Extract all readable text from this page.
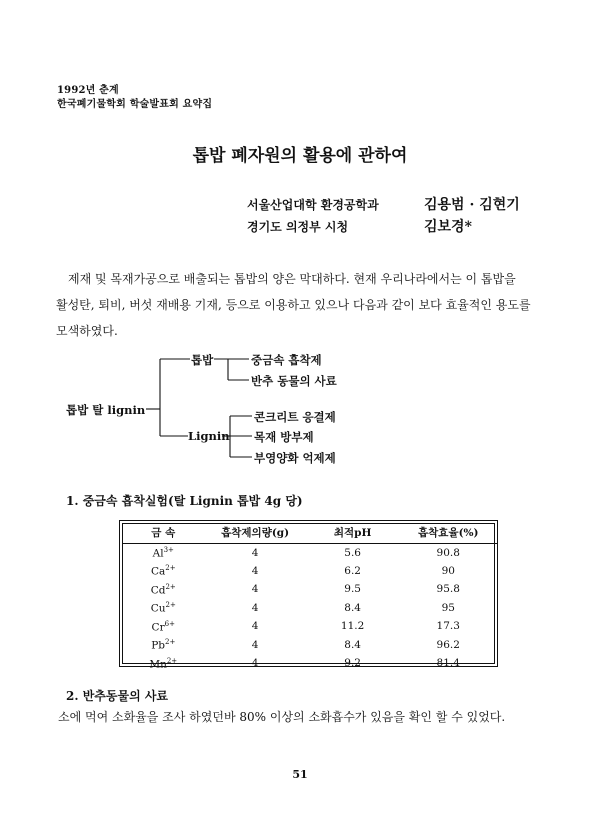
1992년 춘계
한국폐기물학회 학술발표회 요약집
톱밥 폐자원의 활용에 관하여
서울산업대학 환경공학과	김용범 · 김현기
경기도 의정부 시청	김보경*
제재 및 목재가공으로 배출되는 톱밥의 양은 막대하다. 현재 우리나라에서는 이 톱밥을
활성탄, 퇴비, 버섯 재배용 기재, 등으로 이용하고 있으나 다음과 같이 보다 효율적인 용도를
모색하였다.
톱밥 탈 lignin
톱밥
Lignin
중금속 흡착제
반추 동물의 사료
콘크리트 응결제
목재 방부제
부영양화 억제제
1. 중금속 흡착실험(탈 Lignin 톱밥 4g 당)
금 속	흡착제의량(g)	최적pH	흡착효율(%)
$Al^{3+}$	4	5.6	90.8
$Ca^{2+}$	4	6.2	90
$Cd^{2+}$	4	9.5	95.8
$Cu^{2+}$	4	8.4	95
$Cr^{6+}$	4	11.2	17.3
$Pb^{2+}$	4	8.4	96.2
$Mn^{2+}$	4	9.2	81.4
2. 반추동물의 사료
소에 먹여 소화율을 조사 하였던바 80% 이상의 소화흡수가 있음을 확인 할 수 있었다.
51
